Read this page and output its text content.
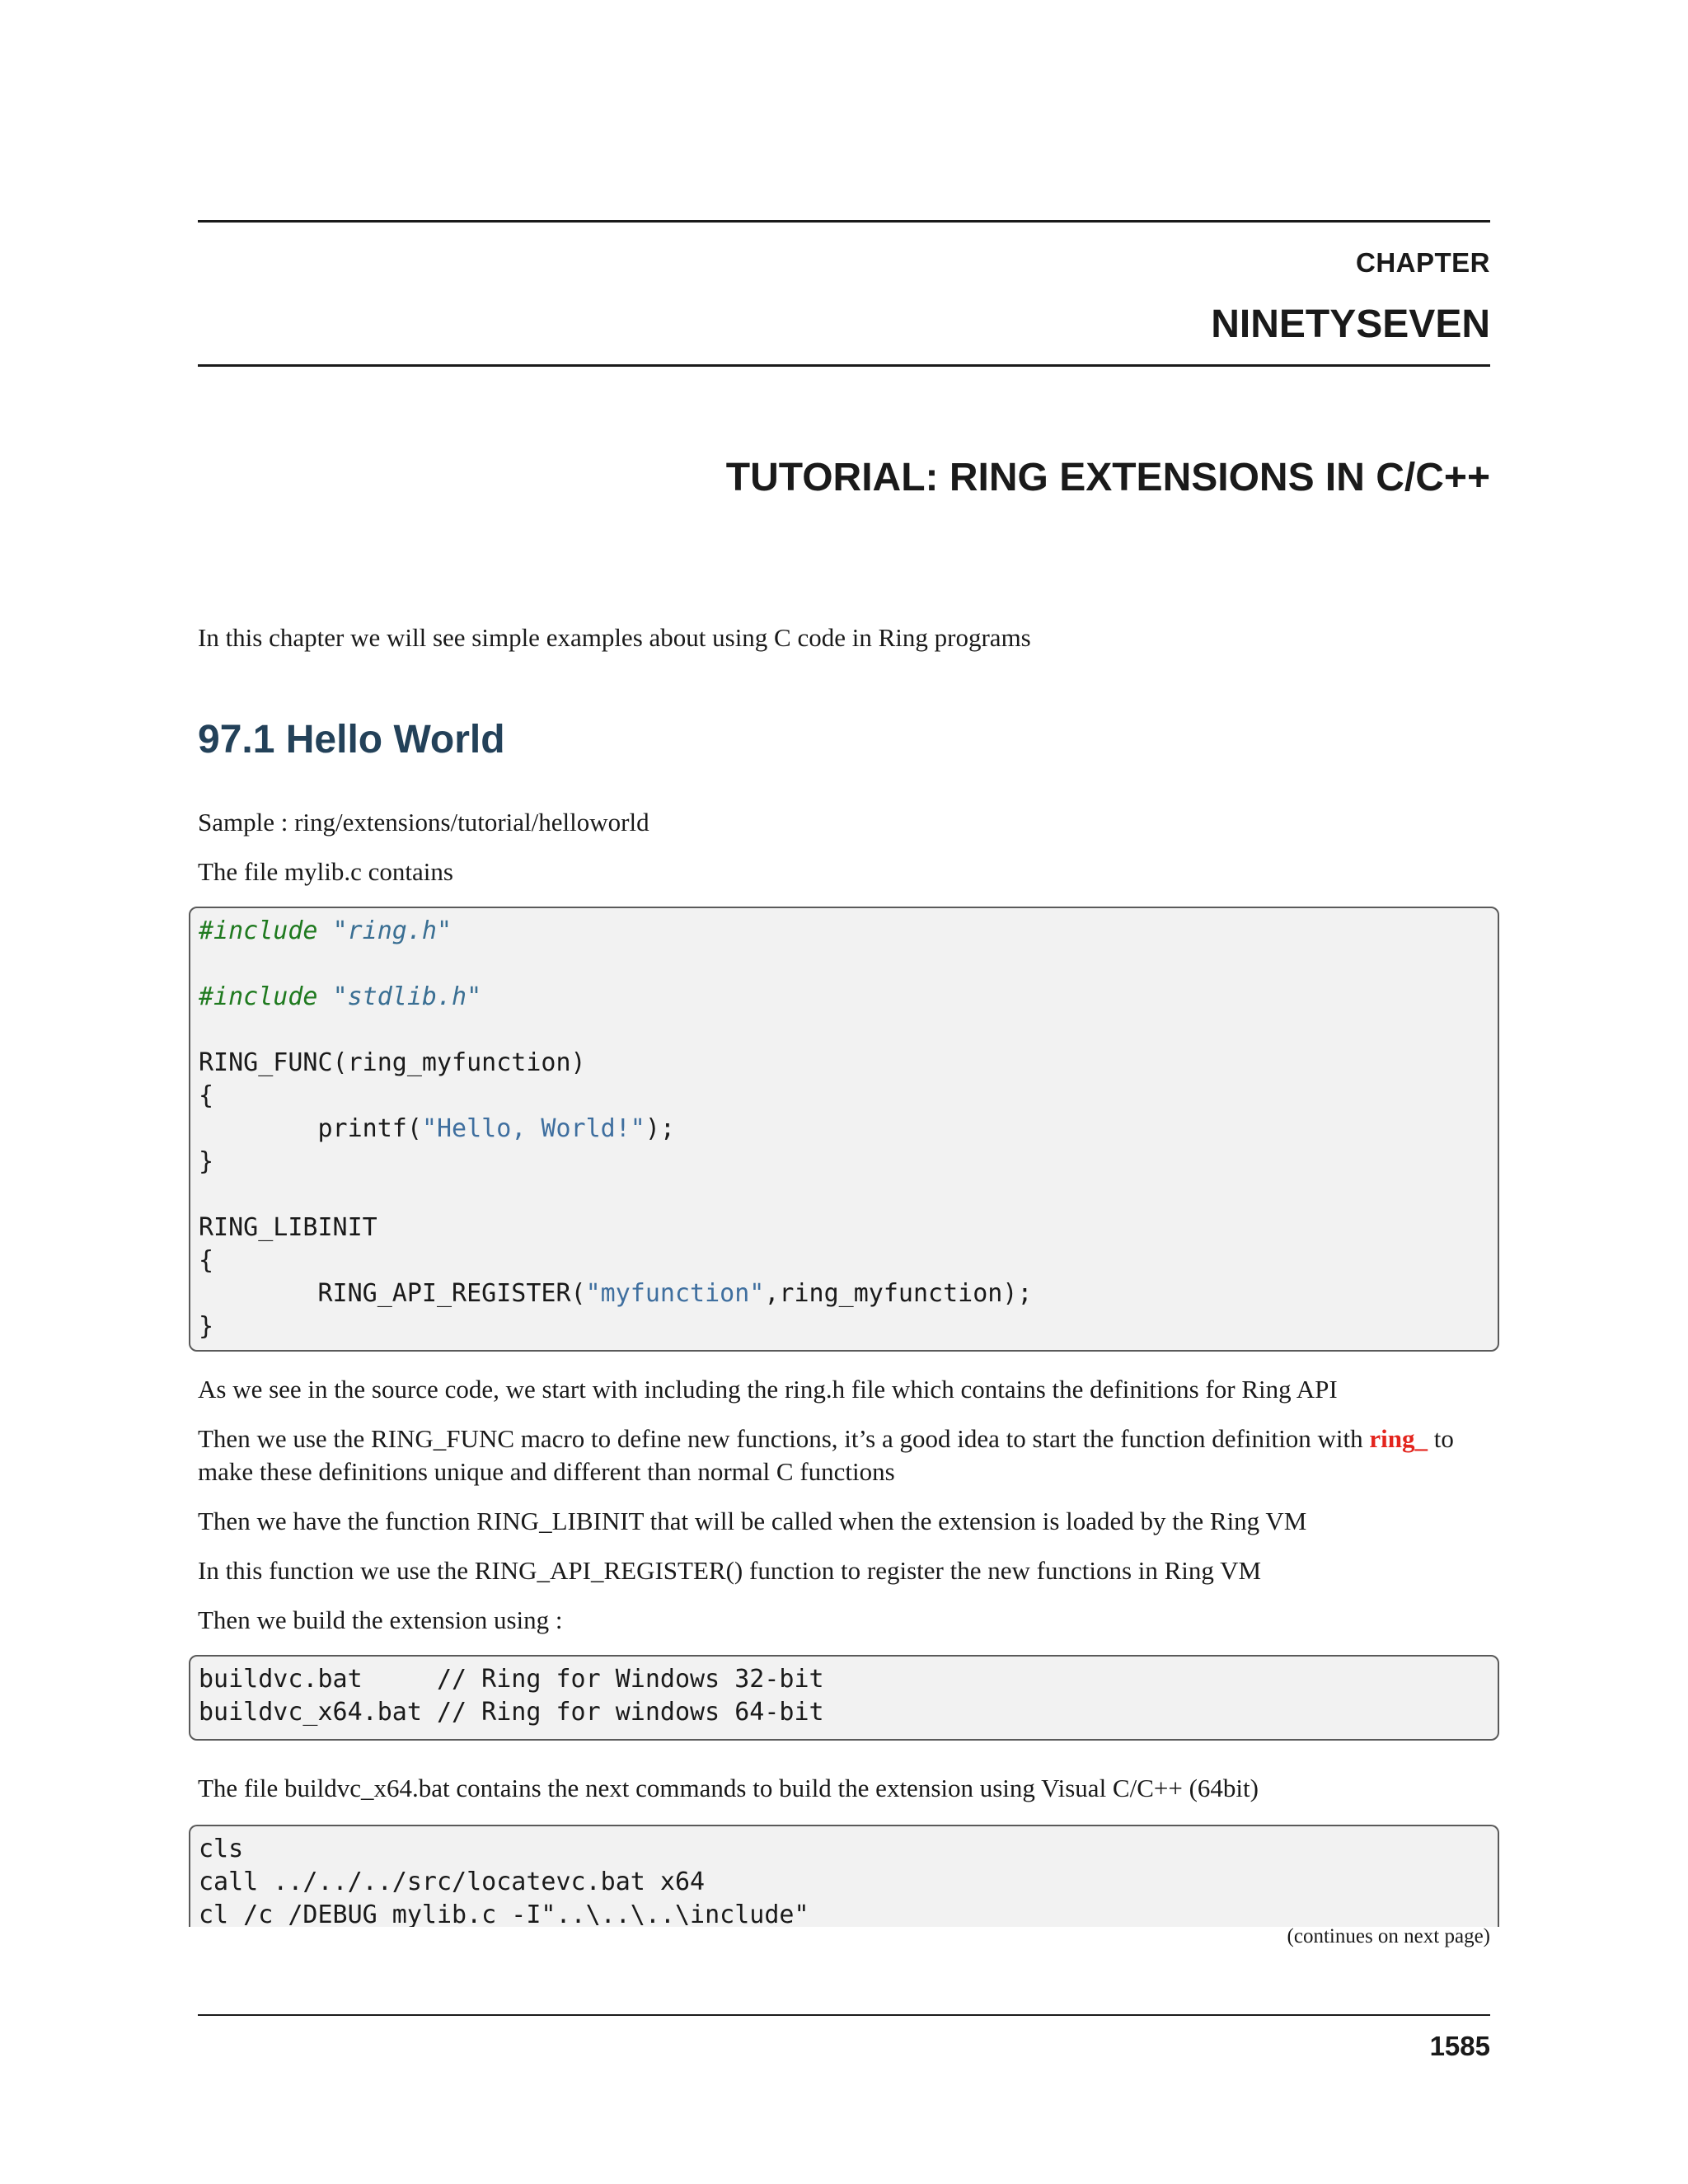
CHAPTER
NINETYSEVEN
TUTORIAL: RING EXTENSIONS IN C/C++

In this chapter we will see simple examples about using C code in Ring programs

97.1 Hello World

Sample : ring/extensions/tutorial/helloworld

The file mylib.c contains

#include "ring.h"

#include "stdlib.h"

RING_FUNC(ring_myfunction)
{
printf("Hello, World!");
}

RING_LIBINIT
{
RING_API_REGISTER("myfunction",ring_myfunction);
}

As we see in the source code, we start with including the ring.h file which contains the definitions for Ring API

Then we use the RING_FUNC macro to define new functions, it’s a good idea to start the function definition with ring_ to make these definitions unique and different than normal C functions

Then we have the function RING_LIBINIT that will be called when the extension is loaded by the Ring VM

In this function we use the RING_API_REGISTER() function to register the new functions in Ring VM

Then we build the extension using :

buildvc.bat     // Ring for Windows 32-bit
buildvc_x64.bat // Ring for windows 64-bit

The file buildvc_x64.bat contains the next commands to build the extension using Visual C/C++ (64bit)

cls
call ../../../src/locatevc.bat x64
cl /c /DEBUG mylib.c -I"..\..\..\include"
(continues on next page)
1585
